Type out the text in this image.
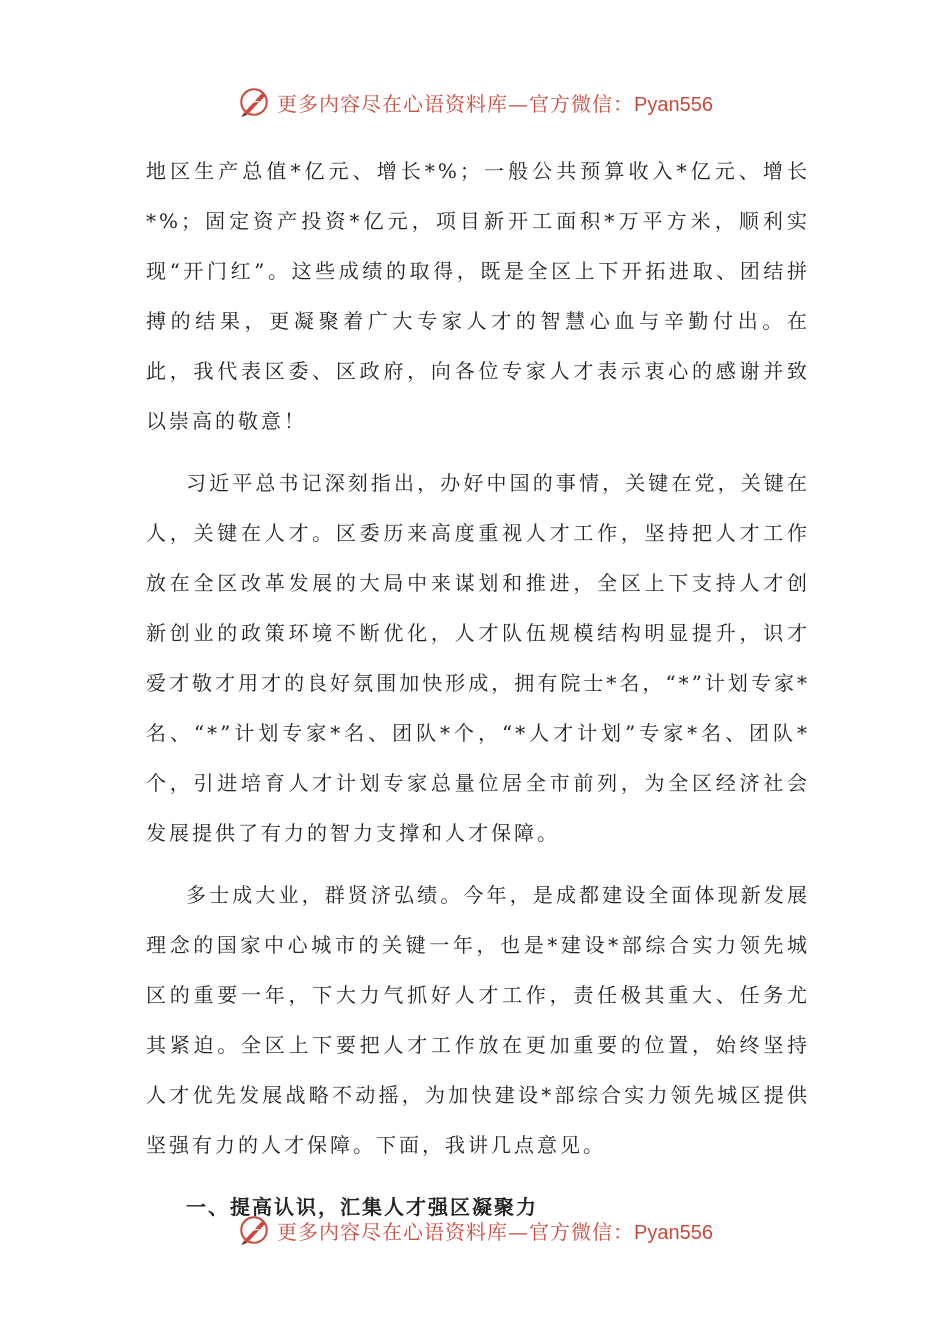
更多内容尽在心语资料库—官方微信：Pyan556

地区生产总值*亿元、增长*%；一般公共预算收入*亿元、增长*%；固定资产投资*亿元，项目新开工面积*万平方米，顺利实现“开门红”。这些成绩的取得，既是全区上下开拓进取、团结拼搏的结果，更凝聚着广大专家人才的智慧心血与辛勤付出。在此，我代表区委、区政府，向各位专家人才表示衷心的感谢并致以崇高的敬意！

习近平总书记深刻指出，办好中国的事情，关键在党，关键在人，关键在人才。区委历来高度重视人才工作，坚持把人才工作放在全区改革发展的大局中来谋划和推进，全区上下支持人才创新创业的政策环境不断优化，人才队伍规模结构明显提升，识才爱才敬才用才的良好氛围加快形成，拥有院士*名，“*”计划专家*名、“*”计划专家*名、团队*个，“*人才计划”专家*名、团队*个，引进培育人才计划专家总量位居全市前列，为全区经济社会发展提供了有力的智力支撑和人才保障。

多士成大业，群贤济弘绩。今年，是成都建设全面体现新发展理念的国家中心城市的关键一年，也是*建设*部综合实力领先城区的重要一年，下大力气抓好人才工作，责任极其重大、任务尤其紧迫。全区上下要把人才工作放在更加重要的位置，始终坚持人才优先发展战略不动摇，为加快建设*部综合实力领先城区提供坚强有力的人才保障。下面，我讲几点意见。

一、提高认识，汇集人才强区凝聚力

更多内容尽在心语资料库—官方微信：Pyan556
